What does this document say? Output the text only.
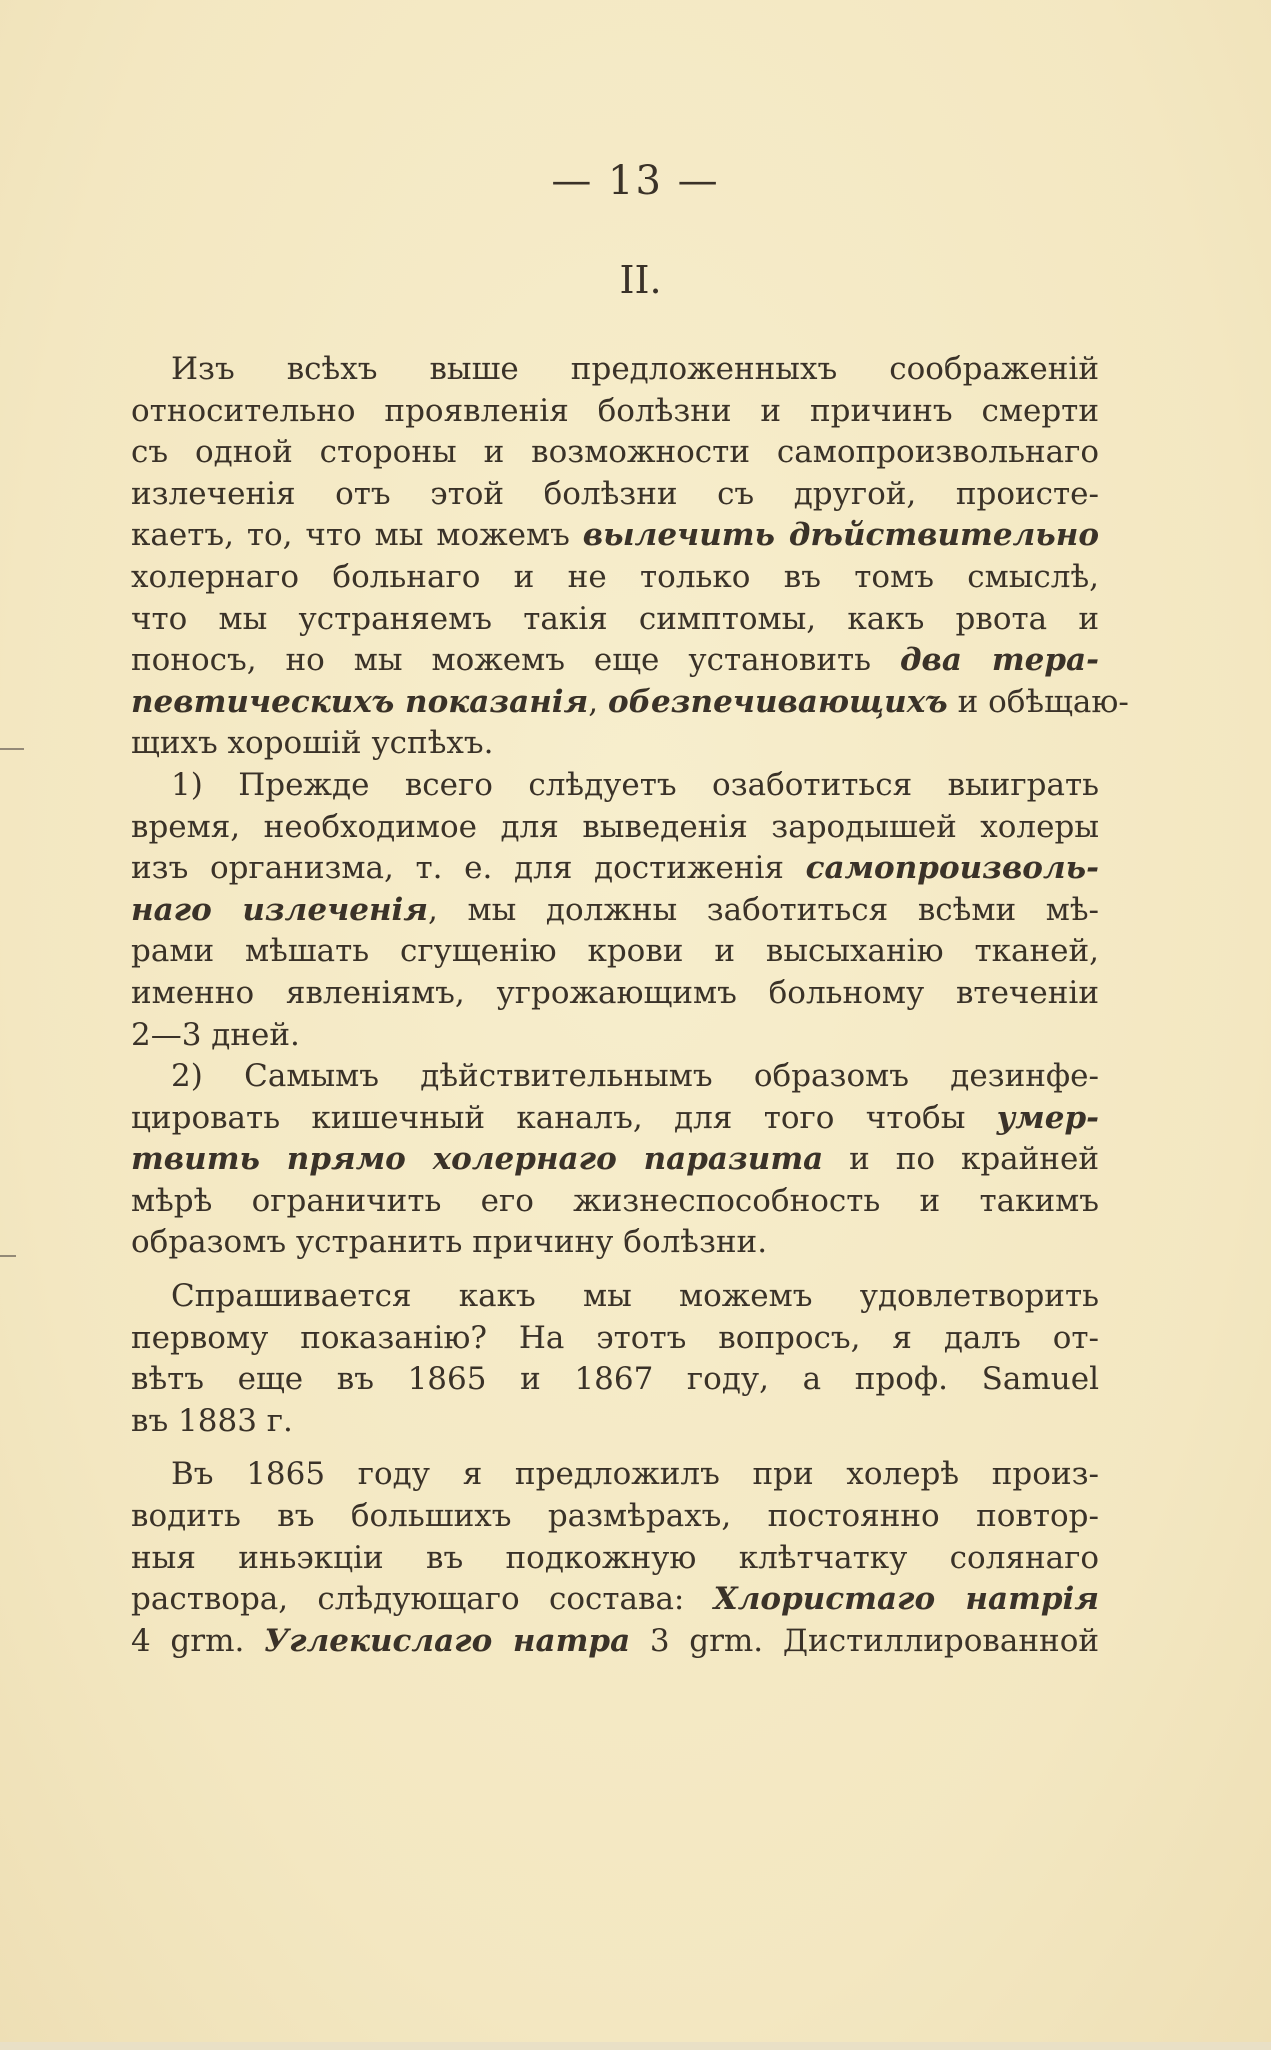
— 13 —
II.
Изъ всѣхъ выше предложенныхъ соображеній
относительно проявленія болѣзни и причинъ смерти
съ одной стороны и возможности самопроизвольнаго
излеченія отъ этой болѣзни съ другой, происте-
каетъ, то, что мы можемъ вылечить дѣйствительно
холернаго больнаго и не только въ томъ смыслѣ,
что мы устраняемъ такія симптомы, какъ рвота и
поносъ, но мы можемъ еще установить два тера-
певтическихъ показанія, обезпечивающихъ и обѣщаю-
щихъ хорошій успѣхъ.
1) Прежде всего слѣдуетъ озаботиться выиграть
время, необходимое для выведенія зародышей холеры
изъ организма, т. е. для достиженія самопроизволь-
наго излеченія, мы должны заботиться всѣми мѣ-
рами мѣшать сгущенію крови и высыханію тканей,
именно явленіямъ, угрожающимъ больному втеченіи
2—3 дней.
2) Самымъ дѣйствительнымъ образомъ дезинфе-
цировать кишечный каналъ, для того чтобы умер-
твить прямо холернаго паразита и по крайней
мѣрѣ ограничить его жизнеспособность и такимъ
образомъ устранить причину болѣзни.
Спрашивается какъ мы можемъ удовлетворить
первому показанію? На этотъ вопросъ, я далъ от-
вѣтъ еще въ 1865 и 1867 году, а проф. Samuel
въ 1883 г.
Въ 1865 году я предложилъ при холерѣ произ-
водить въ большихъ размѣрахъ, постоянно повтор-
ныя иньэкціи въ подкожную клѣтчатку солянаго
раствора, слѣдующаго состава: Хлористаго натрія
4 grm. Углекислаго натра 3 grm. Дистиллированной
